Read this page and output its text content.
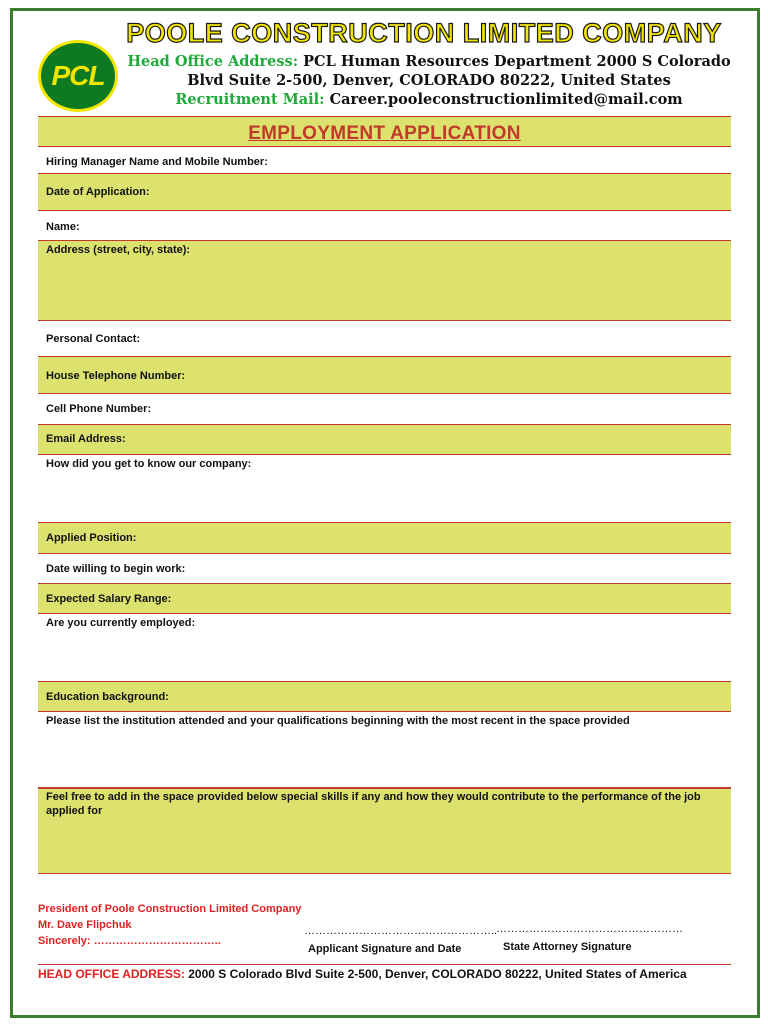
PCL
POOLE CONSTRUCTION LIMITED COMPANY
Head Office Address: PCL Human Resources Department 2000 S Colorado
Blvd Suite 2-500, Denver, COLORADO 80222, United States
Recruitment Mail: Career.pooleconstructionlimited@mail.com
EMPLOYMENT APPLICATION
Hiring Manager Name and Mobile Number:
Date of Application:
Name:
Address (street, city, state):
Personal Contact:
House Telephone Number:
Cell Phone Number:
Email Address:
How did you get to know our company:
Applied Position:
Date willing to begin work:
Expected Salary Range:
Are you currently employed:
Education background:
Please list the institution attended and your qualifications beginning with the most recent in the space provided
Feel free to add in the space provided below special skills if any and how they would contribute to the performance of the job applied for
President of Poole Construction Limited Company
Mr. Dave Flipchuk
Sincerely: ……………………………..
……………………………………………..
Applicant Signature and Date
……………………………………………
State Attorney Signature
HEAD OFFICE ADDRESS: 2000 S Colorado Blvd Suite 2-500, Denver, COLORADO 80222, United States of America
